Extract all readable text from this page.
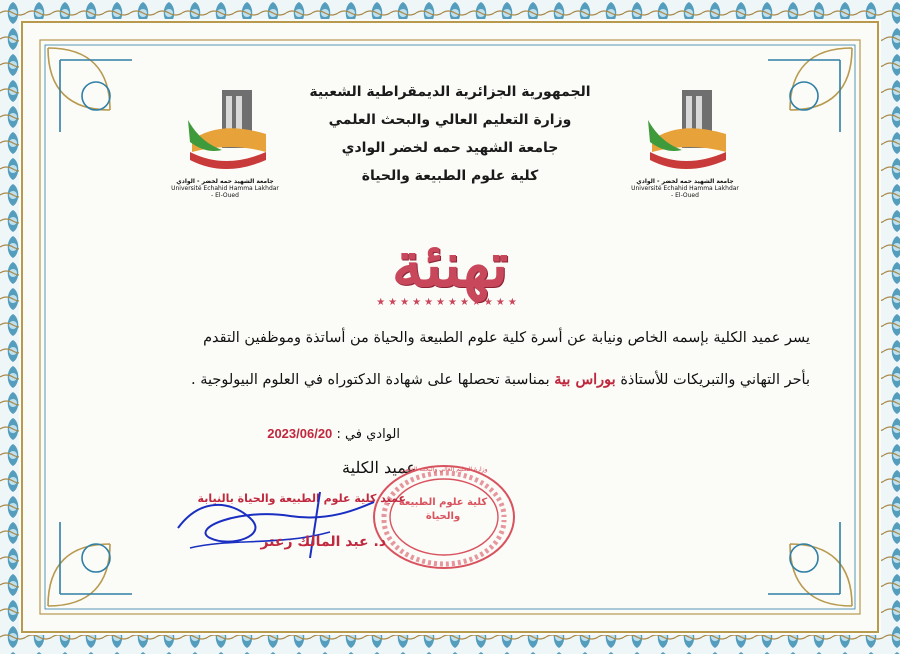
جامعة الشهيد حمه لخضر - الوادي
Université Echahid Hamma Lakhdar - El-Oued
جامعة الشهيد حمه لخضر - الوادي
Université Echahid Hamma Lakhdar - El-Oued
الجمهورية الجزائرية الديمقراطية الشعبية
وزارة التعليم العالي والبحث العلمي
جامعة الشهيد حمه لخضر الوادي
كلية علوم الطبيعة والحياة
تهنئة
★★★★★★★★★★★★
يسر عميد الكلية بإسمه الخاص ونيابة عن أسرة كلية علوم الطبيعة والحياة من أساتذة وموظفين التقدم
بأحر التهاني والتبريكات للأستاذة بوراس بية بمناسبة تحصلها على شهادة الدكتوراه في العلوم البيولوجية .
الوادي في : 2023/06/20
عميد الكلية
وزارة التعليم العالي والبحث العلمي
كلية علوم الطبيعة والحياة
عميد كلية علوم الطبيعة والحياة بالنيابة
د. عبد المالك زعتر
